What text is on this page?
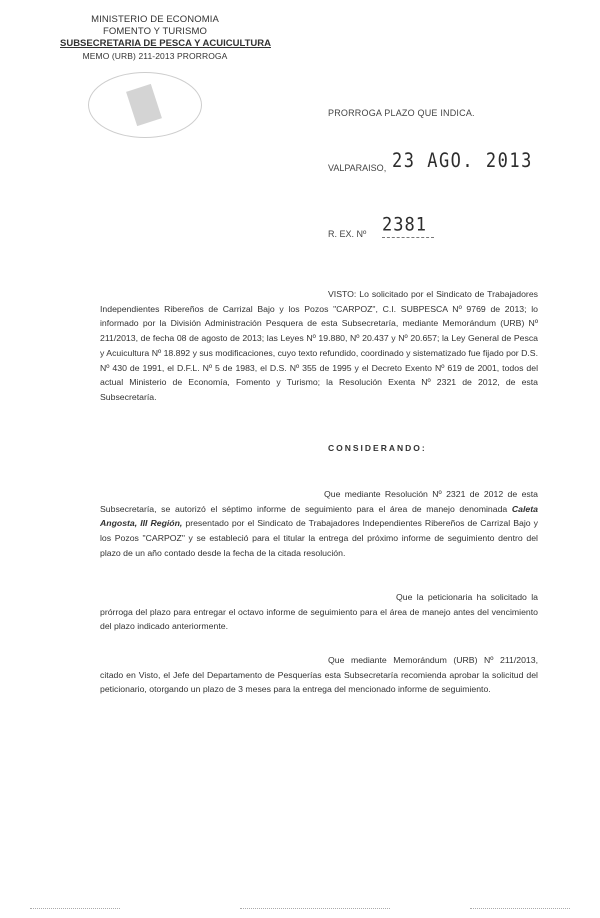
MINISTERIO DE ECONOMIA
FOMENTO Y TURISMO
SUBSECRETARIA DE PESCA Y ACUICULTURA
MEMO (URB) 211-2013 PRORROGA
PRORROGA PLAZO QUE INDICA.
VALPARAISO, 23 AGO. 2013
R. EX. Nº 2381
VISTO: Lo solicitado por el Sindicato de Trabajadores Independientes Ribereños de Carrizal Bajo y los Pozos "CARPOZ", C.I. SUBPESCA Nº 9769 de 2013; lo informado por la División Administración Pesquera de esta Subsecretaría, mediante Memorándum (URB) Nº 211/2013, de fecha 08 de agosto de 2013; las Leyes Nº 19.880, Nº 20.437 y Nº 20.657; la Ley General de Pesca y Acuicultura Nº 18.892 y sus modificaciones, cuyo texto refundido, coordinado y sistematizado fue fijado por D.S. Nº 430 de 1991, el D.F.L. Nº 5 de 1983, el D.S. Nº 355 de 1995 y el Decreto Exento Nº 619 de 2001, todos del actual Ministerio de Economía, Fomento y Turismo; la Resolución Exenta Nº 2321 de 2012, de esta Subsecretaría.
CONSIDERANDO:
Que mediante Resolución Nº 2321 de 2012 de esta Subsecretaría, se autorizó el séptimo informe de seguimiento para el área de manejo denominada Caleta Angosta, III Región, presentado por el Sindicato de Trabajadores Independientes Ribereños de Carrizal Bajo y los Pozos "CARPOZ" y se estableció para el titular la entrega del próximo informe de seguimiento dentro del plazo de un año contado desde la fecha de la citada resolución.
Que la peticionaria ha solicitado la prórroga del plazo para entregar el octavo informe de seguimiento para el área de manejo antes del vencimiento del plazo indicado anteriormente.
Que mediante Memorándum (URB) Nº 211/2013, citado en Visto, el Jefe del Departamento de Pesquerías esta Subsecretaría recomienda aprobar la solicitud del peticionario, otorgando un plazo de 3 meses para la entrega del mencionado informe de seguimiento.
